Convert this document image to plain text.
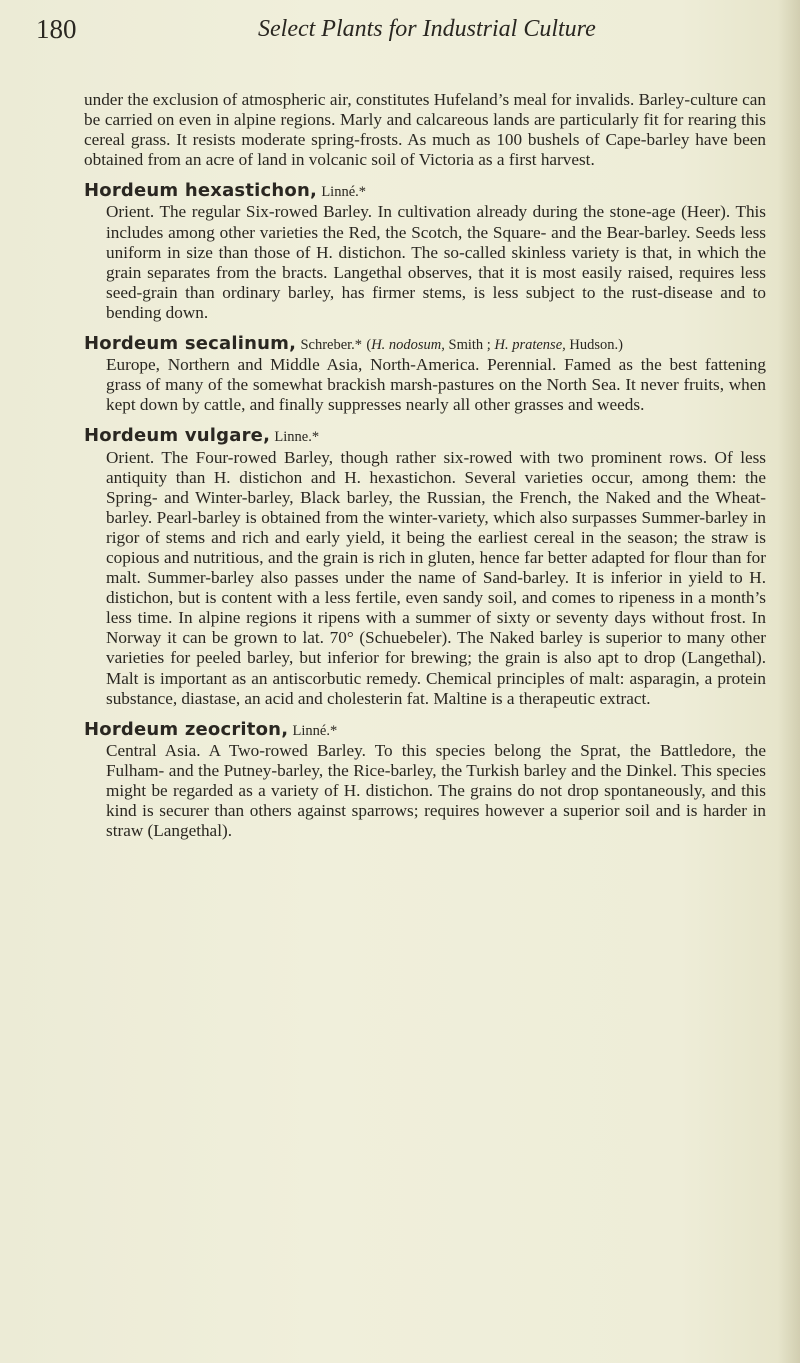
180	Select Plants for Industrial Culture

under the exclusion of atmospheric air, constitutes Hufeland’s meal for invalids. Barley-culture can be carried on even in alpine regions. Marly and calcareous lands are particularly fit for rearing this cereal grass. It resists moderate spring-frosts. As much as 100 bushels of Cape-barley have been obtained from an acre of land in volcanic soil of Victoria as a first harvest.

Hordeum hexastichon, Linné.*

Orient. The regular Six-rowed Barley. In cultivation already during the stone-age (Heer). This includes among other varieties the Red, the Scotch, the Square- and the Bear-barley. Seeds less uniform in size than those of H. distichon. The so-called skinless variety is that, in which the grain separates from the bracts. Langethal observes, that it is most easily raised, requires less seed-grain than ordinary barley, has firmer stems, is less subject to the rust-disease and to bending down.

Hordeum secalinum, Schreber.* (H. nodosum, Smith ; H. pratense, Hudson.)

Europe, Northern and Middle Asia, North-America. Perennial. Famed as the best fattening grass of many of the somewhat brackish marsh-pastures on the North Sea. It never fruits, when kept down by cattle, and finally suppresses nearly all other grasses and weeds.

Hordeum vulgare, Linne.*

Orient. The Four-rowed Barley, though rather six-rowed with two prominent rows. Of less antiquity than H. distichon and H. hexastichon. Several varieties occur, among them: the Spring- and Winter-barley, Black barley, the Russian, the French, the Naked and the Wheat-barley. Pearl-barley is obtained from the winter-variety, which also surpasses Summer-barley in rigor of stems and rich and early yield, it being the earliest cereal in the season; the straw is copious and nutritious, and the grain is rich in gluten, hence far better adapted for flour than for malt. Summer-barley also passes under the name of Sand-barley. It is inferior in yield to H. distichon, but is content with a less fertile, even sandy soil, and comes to ripeness in a month’s less time. In alpine regions it ripens with a summer of sixty or seventy days without frost. In Norway it can be grown to lat. 70° (Schuebeler). The Naked barley is superior to many other varieties for peeled barley, but inferior for brewing; the grain is also apt to drop (Langethal). Malt is important as an antiscorbutic remedy. Chemical principles of malt: asparagin, a protein substance, diastase, an acid and cholesterin fat. Maltine is a therapeutic extract.

Hordeum zeocriton, Linné.*

Central Asia. A Two-rowed Barley. To this species belong the Sprat, the Battledore, the Fulham- and the Putney-barley, the Rice-barley, the Turkish barley and the Dinkel. This species might be regarded as a variety of H. distichon. The grains do not drop spontaneously, and this kind is securer than others against sparrows; requires however a superior soil and is harder in straw (Langethal).
